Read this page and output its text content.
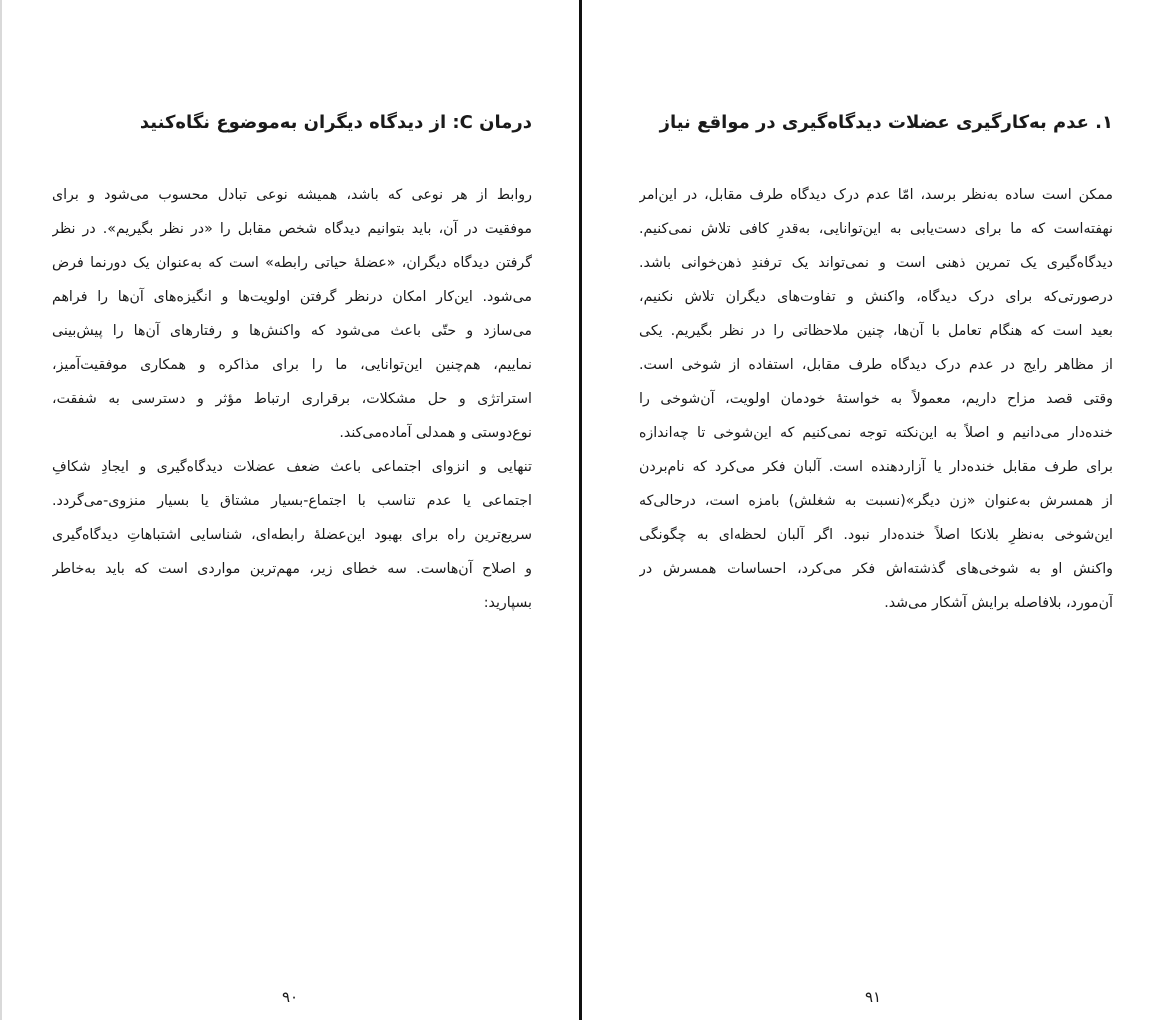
درمان C: از دیدگاه دیگران به‌موضوع نگاه‌کنید
روابط از هر نوعی که باشد، همیشه نوعی تبادل محسوب می‌شود و برای
موفقیت در آن، باید بتوانیم دیدگاه شخص مقابل را «در نظر بگیریم». در نظر
گرفتن دیدگاه دیگران، «عضلهٔ حیاتی رابطه» است که به‌عنوان یک دورنما فرض
می‌شود. این‌کار امکان درنظر گرفتن اولویت‌ها و انگیزه‌های آن‌ها را فراهم
می‌سازد و حتّی باعث می‌شود که واکنش‌ها و رفتارهای آن‌ها را پیش‌بینی
نماییم، هم‌چنین این‌توانایی، ما را برای مذاکره و همکاری موفقیت‌آمیز،
استراتژی و حل مشکلات، برقراری ارتباط مؤثر و دسترسی به شفقت،
نوع‌دوستی و همدلی آماده‌می‌کند.
تنهایی و انزوای اجتماعی باعث ضعف عضلات دیدگاه‌گیری و ایجادِ شکافِ
اجتماعی یا عدم تناسب با اجتماع-بسیار مشتاق یا بسیار منزوی-می‌گردد.
سریع‌ترین راه برای بهبود این‌عضلهٔ رابطه‌ای، شناسایی اشتباهاتِ دیدگاه‌گیری
و اصلاح آن‌هاست. سه خطای زیر، مهم‌ترین مواردی است که باید به‌خاطر
بسپارید:
۹۰
۱. عدم به‌کارگیری عضلات دیدگاه‌گیری در مواقع نیاز
ممکن است ساده به‌نظر برسد، امّا عدم درک دیدگاه طرف مقابل، در این‌امر
نهفته‌است که ما برای دست‌یابی به این‌توانایی، به‌قدرِ کافی تلاش نمی‌کنیم.
دیدگاه‌گیری یک تمرین ذهنی است و نمی‌تواند یک ترفندِ ذهن‌خوانی باشد.
درصورتی‌که برای درک دیدگاه، واکنش و تفاوت‌های دیگران تلاش نکنیم،
بعید است که هنگام تعامل با آن‌ها، چنین ملاحظاتی را در نظر بگیریم. یکی
از مظاهر رایج در عدم درک دیدگاه طرف مقابل، استفاده از شوخی است.
وقتی قصد مزاح داریم، معمولاً به خواستهٔ خودمان اولویت، آن‌شوخی را
خنده‌دار می‌دانیم و اصلاً به این‌نکته توجه نمی‌کنیم که این‌شوخی تا چه‌اندازه
برای طرف مقابل خنده‌دار یا آزاردهنده است. آلبان فکر می‌کرد که نام‌بردن
از همسرش به‌عنوان «زن دیگر»(نسبت به شغلش) بامزه است، درحالی‌که
این‌شوخی به‌نظرِ بلانکا اصلاً خنده‌دار نبود. اگر آلبان لحظه‌ای به چگونگی
واکنش او به شوخی‌های گذشته‌اش فکر می‌کرد، احساسات همسرش در
آن‌مورد، بلافاصله برایش آشکار می‌شد.
۹۱
